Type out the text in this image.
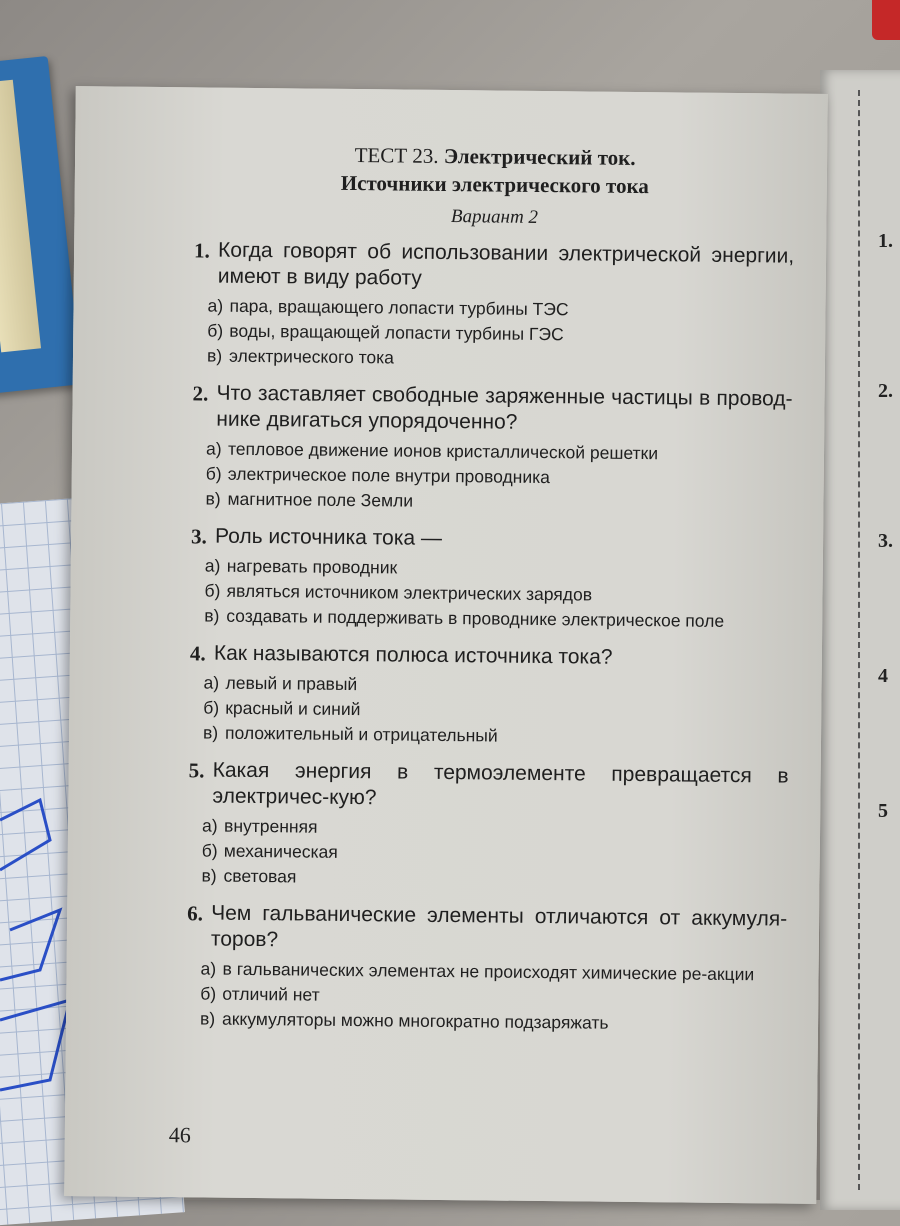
1.
2.
3.
4
5
ТЕСТ 23. Электрический ток.
Источники электрического тока
Вариант 2
1. Когда говорят об использовании электрической энергии, имеют в виду работу
а) пара, вращающего лопасти турбины ТЭС
б) воды, вращающей лопасти турбины ГЭС
в) электрического тока
2. Что заставляет свободные заряженные частицы в провод-нике двигаться упорядоченно?
а) тепловое движение ионов кристаллической решетки
б) электрическое поле внутри проводника
в) магнитное поле Земли
3. Роль источника тока —
а) нагревать проводник
б) являться источником электрических зарядов
в) создавать и поддерживать в проводнике электрическое поле
4. Как называются полюса источника тока?
а) левый и правый
б) красный и синий
в) положительный и отрицательный
5. Какая энергия в термоэлементе превращается в электричес-кую?
а) внутренняя
б) механическая
в) световая
6. Чем гальванические элементы отличаются от аккумуля-торов?
а) в гальванических элементах не происходят химические ре-акции
б) отличий нет
в) аккумуляторы можно многократно подзаряжать
46
